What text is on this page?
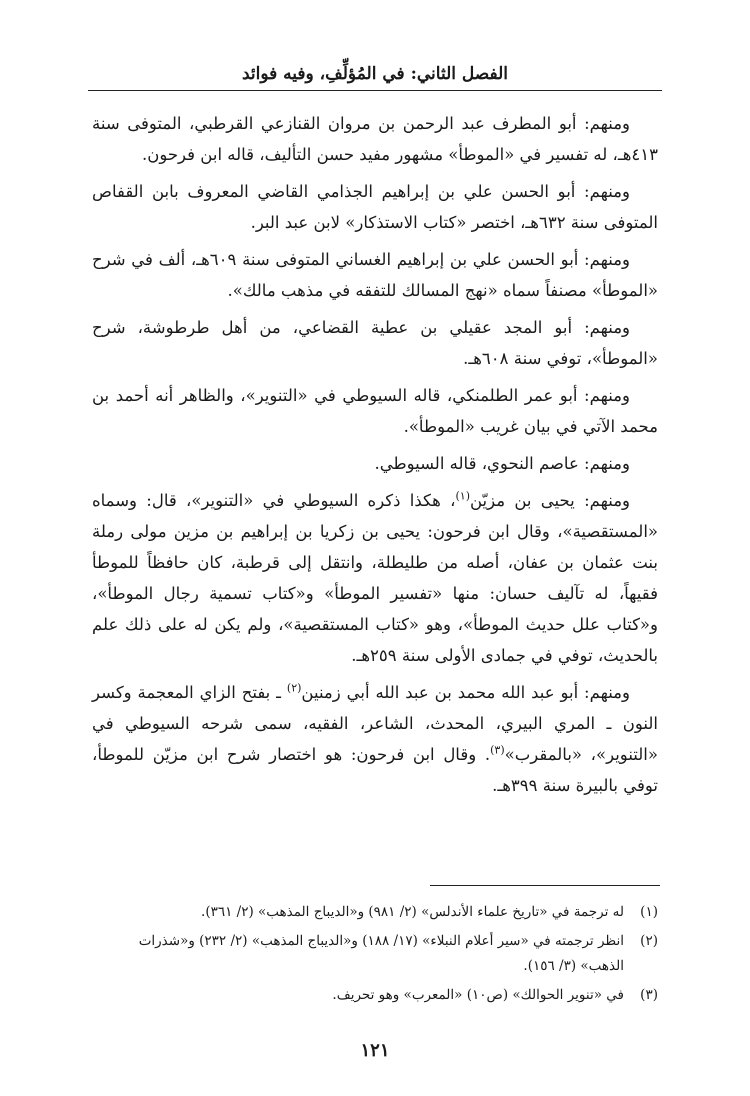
الفصل الثاني: في المُؤلِّفِ، وفيه فوائد

ومنهم: أبو المطرف عبد الرحمن بن مروان القنازعي القرطبي، المتوفى سنة ٤١٣هـ، له تفسير في «الموطأ» مشهور مفيد حسن التأليف، قاله ابن فرحون.

ومنهم: أبو الحسن علي بن إبراهيم الجذامي القاضي المعروف بابن القفاص المتوفى سنة ٦٣٢هـ، اختصر «كتاب الاستذكار» لابن عبد البر.

ومنهم: أبو الحسن علي بن إبراهيم الغساني المتوفى سنة ٦٠٩هـ، ألف في شرح «الموطأ» مصنفاً سماه «نهج المسالك للتفقه في مذهب مالك».

ومنهم: أبو المجد عقيلي بن عطية القضاعي، من أهل طرطوشة، شرح «الموطأ»، توفي سنة ٦٠٨هـ.

ومنهم: أبو عمر الطلمنكي، قاله السيوطي في «التنوير»، والظاهر أنه أحمد بن محمد الآتي في بيان غريب «الموطأ».

ومنهم: عاصم النحوي، قاله السيوطي.

ومنهم: يحيى بن مزيّن$^{(١)}$، هكذا ذكره السيوطي في «التنوير»، قال: وسماه «المستقصية»، وقال ابن فرحون: يحيى بن زكريا بن إبراهيم بن مزين مولى رملة بنت عثمان بن عفان، أصله من طليطلة، وانتقل إلى قرطبة، كان حافظاً للموطأ فقيهاً، له تآليف حسان: منها «تفسير الموطأ» و«كتاب تسمية رجال الموطأ»، و«كتاب علل حديث الموطأ»، وهو «كتاب المستقصية»، ولم يكن له على ذلك علم بالحديث، توفي في جمادى الأولى سنة ٢٥٩هـ.

ومنهم: أبو عبد الله محمد بن عبد الله أبي زمنين$^{(٢)}$ ـ بفتح الزاي المعجمة وكسر النون ـ المري البيري، المحدث، الشاعر، الفقيه، سمى شرحه السيوطي في «التنوير»، «بالمقرب»$^{(٣)}$. وقال ابن فرحون: هو اختصار شرح ابن مزيّن للموطأ، توفي بالبيرة سنة ٣٩٩هـ.

(١)
له ترجمة في «تاريخ علماء الأندلس» (٢/ ٩٨١) و«الديباج المذهب» (٢/ ٣٦١).
(٢)
انظر ترجمته في «سير أعلام النبلاء» (١٧/ ١٨٨) و«الديباج المذهب» (٢/ ٢٣٢) و«شذرات الذهب» (٣/ ١٥٦).
(٣)
في «تنوير الحوالك» (ص١٠) «المعرب» وهو تحريف.
١٢١
